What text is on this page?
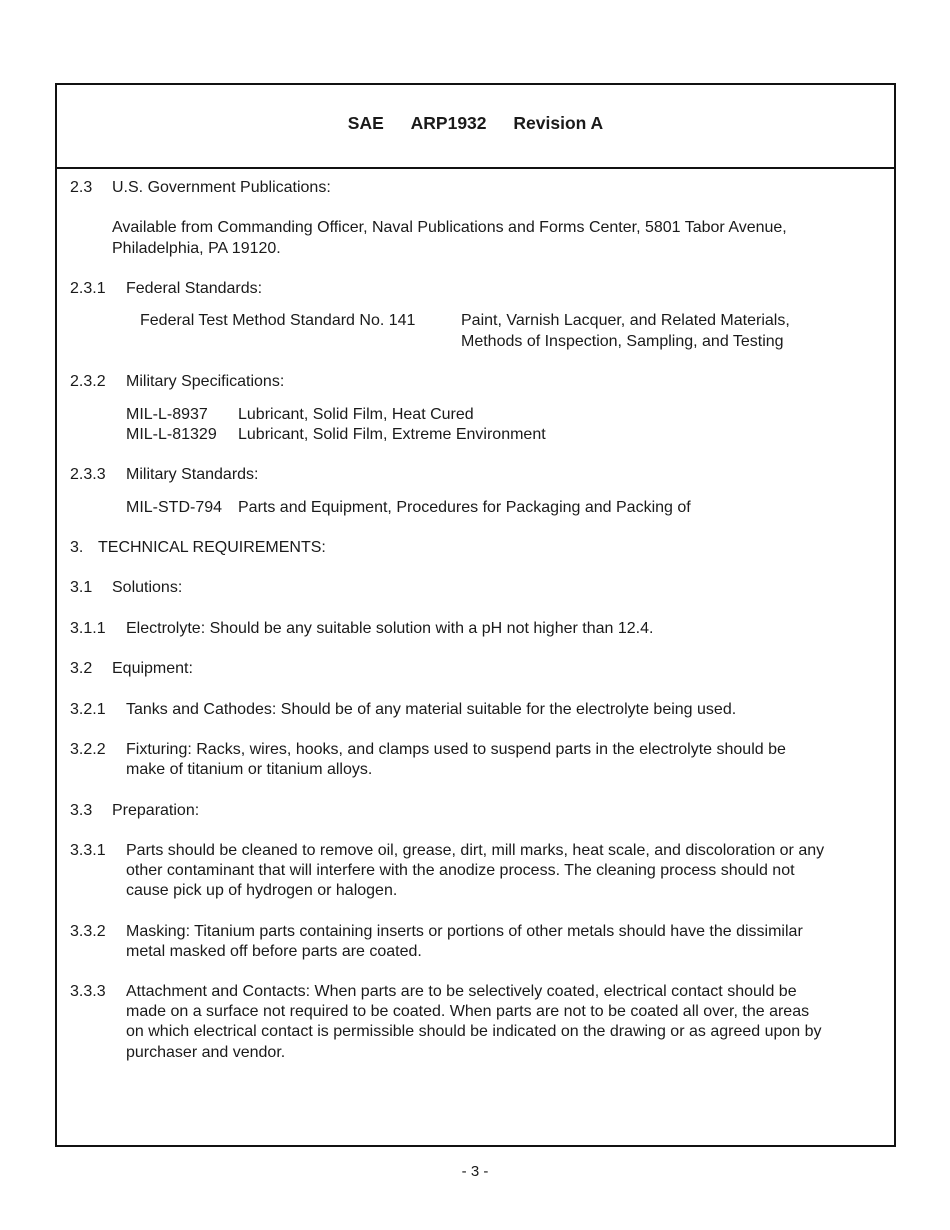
SAE ARP1932 Revision A
2.3 U.S. Government Publications:
Available from Commanding Officer, Naval Publications and Forms Center, 5801 Tabor Avenue,
Philadelphia, PA 19120.
2.3.1 Federal Standards:
Federal Test Method Standard No. 141	Paint, Varnish Lacquer, and Related Materials,
Methods of Inspection, Sampling, and Testing
2.3.2 Military Specifications:
MIL-L-8937 Lubricant, Solid Film, Heat Cured
MIL-L-81329 Lubricant, Solid Film, Extreme Environment
2.3.3 Military Standards:
MIL-STD-794 Parts and Equipment, Procedures for Packaging and Packing of
3. TECHNICAL REQUIREMENTS:
3.1 Solutions:
3.1.1 Electrolyte: Should be any suitable solution with a pH not higher than 12.4.
3.2 Equipment:
3.2.1 Tanks and Cathodes: Should be of any material suitable for the electrolyte being used.
3.2.2 Fixturing: Racks, wires, hooks, and clamps used to suspend parts in the electrolyte should be
make of titanium or titanium alloys.
3.3 Preparation:
3.3.1 Parts should be cleaned to remove oil, grease, dirt, mill marks, heat scale, and discoloration or any
other contaminant that will interfere with the anodize process. The cleaning process should not
cause pick up of hydrogen or halogen.
3.3.2 Masking: Titanium parts containing inserts or portions of other metals should have the dissimilar
metal masked off before parts are coated.
3.3.3 Attachment and Contacts: When parts are to be selectively coated, electrical contact should be
made on a surface not required to be coated. When parts are not to be coated all over, the areas
on which electrical contact is permissible should be indicated on the drawing or as agreed upon by
purchaser and vendor.
- 3 -
